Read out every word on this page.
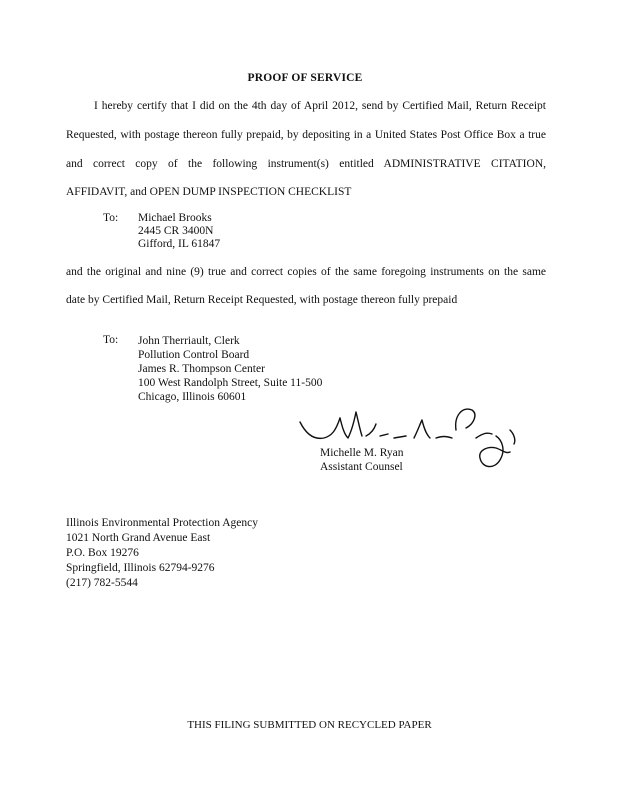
PROOF OF SERVICE
I hereby certify that I did on the 4th day of April 2012, send by Certified Mail, Return Receipt
Requested, with postage thereon fully prepaid, by depositing in a United States Post Office Box a true
and correct copy of the following instrument(s) entitled ADMINISTRATIVE CITATION,
AFFIDAVIT, and OPEN DUMP INSPECTION CHECKLIST
To: Michael Brooks
2445 CR 3400N
Gifford, IL 61847
and the original and nine (9) true and correct copies of the same foregoing instruments on the same
date by Certified Mail, Return Receipt Requested, with postage thereon fully prepaid
To: John Therriault, Clerk
Pollution Control Board
James R. Thompson Center
100 West Randolph Street, Suite 11-500
Chicago, Illinois 60601
Michelle M. Ryan
Assistant Counsel
Illinois Environmental Protection Agency
1021 North Grand Avenue East
P.O. Box 19276
Springfield, Illinois 62794-9276
(217) 782-5544
THIS FILING SUBMITTED ON RECYCLED PAPER
